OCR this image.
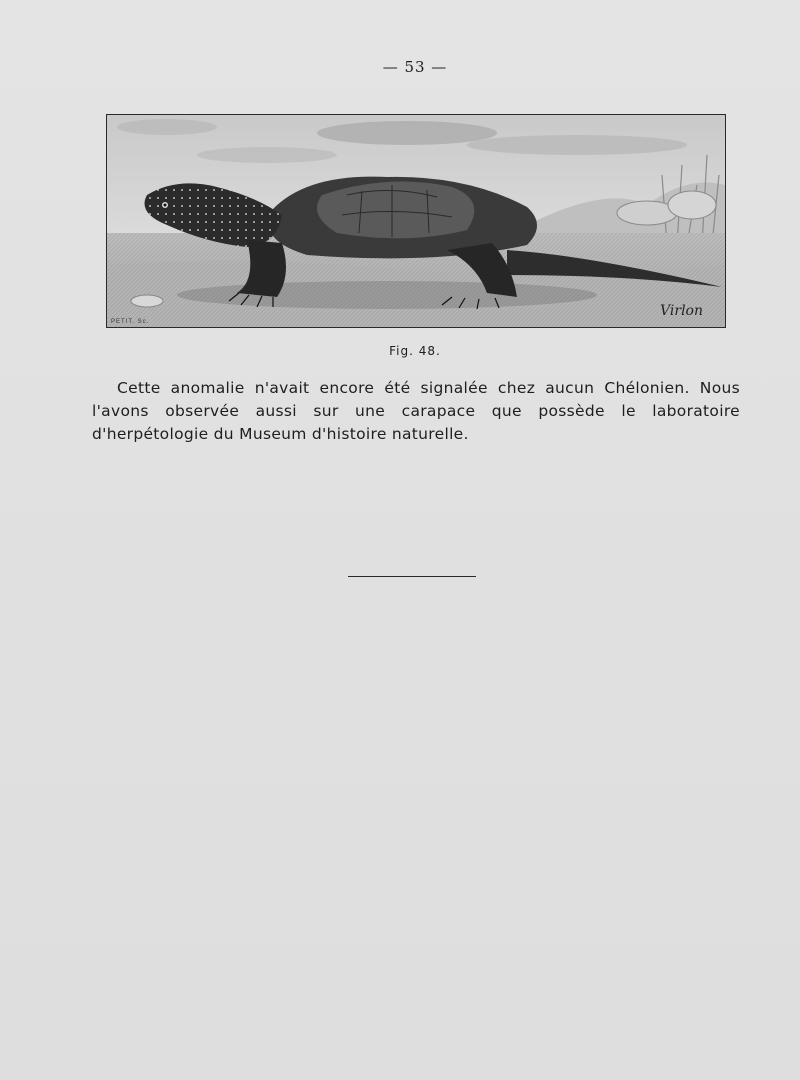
— 53 —
PETIT. Sc.
Virlon
Fig. 48.

Cette anomalie n'avait encore été signalée chez aucun Chélonien. Nous l'avons observée aussi sur une carapace que possède le laboratoire d'herpétologie du Museum d'histoire naturelle.
